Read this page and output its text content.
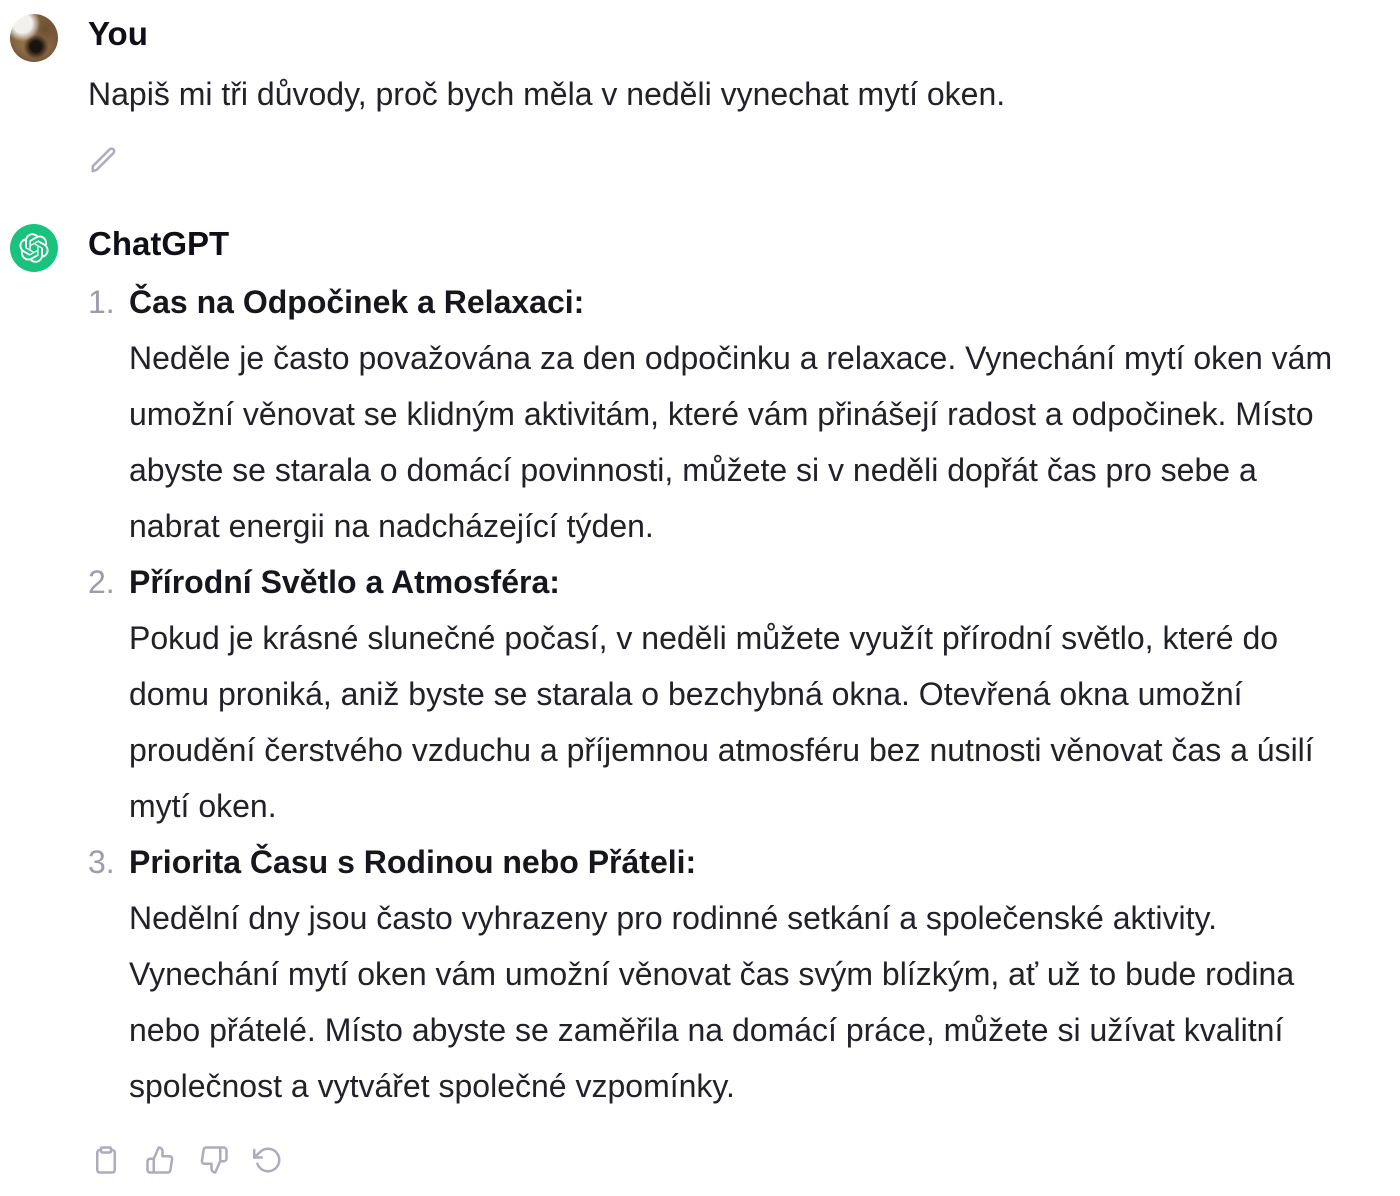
You
Napiš mi tři důvody, proč bych měla v neděli vynechat mytí oken.
ChatGPT
1. Čas na Odpočinek a Relaxaci:
Neděle je často považována za den odpočinku a relaxace. Vynechání mytí oken vám umožní věnovat se klidným aktivitám, které vám přinášejí radost a odpočinek. Místo abyste se starala o domácí povinnosti, můžete si v neděli dopřát čas pro sebe a nabrat energii na nadcházející týden.
2. Přírodní Světlo a Atmosféra:
Pokud je krásné slunečné počasí, v neděli můžete využít přírodní světlo, které do domu proniká, aniž byste se starala o bezchybná okna. Otevřená okna umožní proudění čerstvého vzduchu a příjemnou atmosféru bez nutnosti věnovat čas a úsilí mytí oken.
3. Priorita Času s Rodinou nebo Přáteli:
Nedělní dny jsou často vyhrazeny pro rodinné setkání a společenské aktivity. Vynechání mytí oken vám umožní věnovat čas svým blízkým, ať už to bude rodina nebo přátelé. Místo abyste se zaměřila na domácí práce, můžete si užívat kvalitní společnost a vytvářet společné vzpomínky.
